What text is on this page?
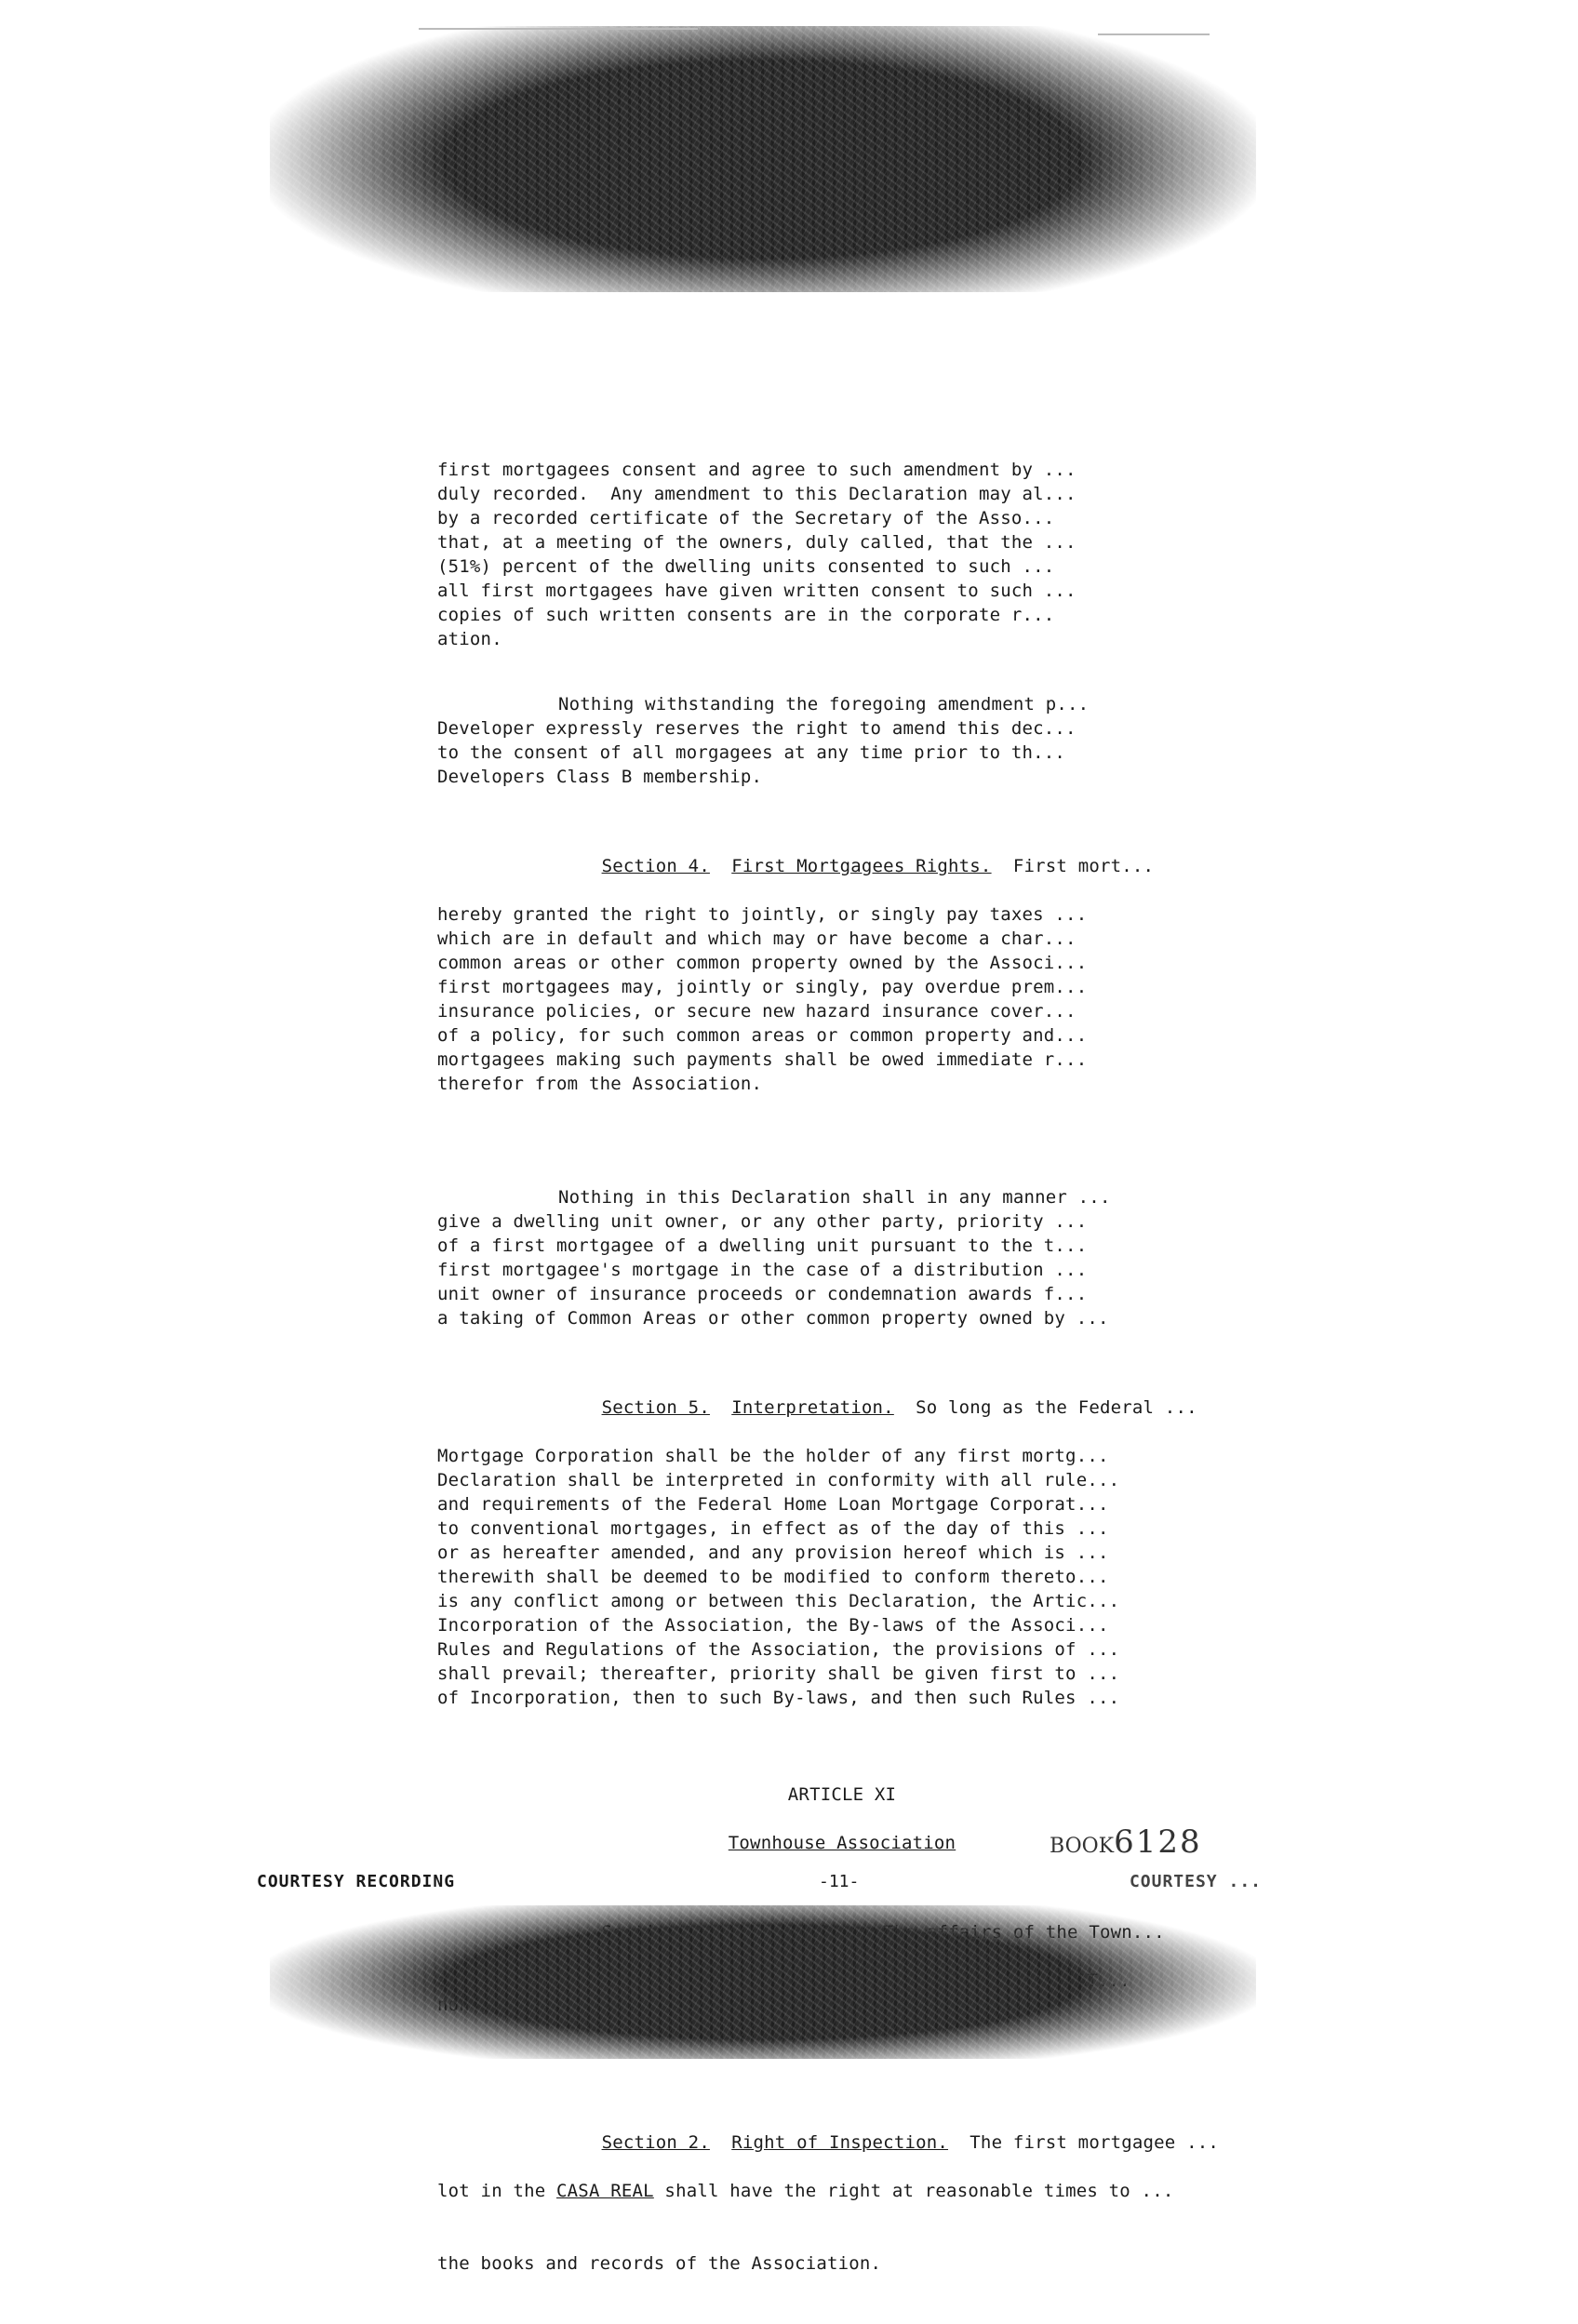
first mortgagees consent and agree to such amendment by ...
duly recorded.  Any amendment to this Declaration may al...
by a recorded certificate of the Secretary of the Asso...
that, at a meeting of the owners, duly called, that the ...
(51%) percent of the dwelling units consented to such ...
all first mortgagees have given written consent to such ...
copies of such written consents are in the corporate r...
ation.

Nothing withstanding the foregoing amendment p...
Developer expressly reserves the right to amend this dec...
to the consent of all morgagees at any time prior to th...
Developers Class B membership.

Section 4. First Mortgagees Rights. First mort...

hereby granted the right to jointly, or singly pay taxes ...
which are in default and which may or have become a char...
common areas or other common property owned by the Associ...
first mortgagees may, jointly or singly, pay overdue prem...
insurance policies, or secure new hazard insurance cover...
of a policy, for such common areas or common property and...
mortgagees making such payments shall be owed immediate r...
therefor from the Association.

Nothing in this Declaration shall in any manner ...
give a dwelling unit owner, or any other party, priority ...
of a first mortgagee of a dwelling unit pursuant to the t...
first mortgagee's mortgage in the case of a distribution ...
unit owner of insurance proceeds or condemnation awards f...
a taking of Common Areas or other common property owned by ...

Section 5. Interpretation. So long as the Federal ...

Mortgage Corporation shall be the holder of any first mortg...
Declaration shall be interpreted in conformity with all rule...
and requirements of the Federal Home Loan Mortgage Corporat...
to conventional mortgages, in effect as of the day of this ...
or as hereafter amended, and any provision hereof which is ...
therewith shall be deemed to be modified to conform thereto...
is any conflict among or between this Declaration, the Artic...
Incorporation of the Association, the By-laws of the Associ...
Rules and Regulations of the Association, the provisions of ...
shall prevail; thereafter, priority shall be given first to ...
of Incorporation, then to such By-laws, and then such Rules ...

ARTICLE XI
Townhouse Association

Section 2. Right of Inspection. The first mortgagee ...

lot in the CASA REAL shall have the right at reasonable times to ...

the books and records of the Association.

BOOK6128
COURTESY RECORDING	-11-	COURTESY ...
